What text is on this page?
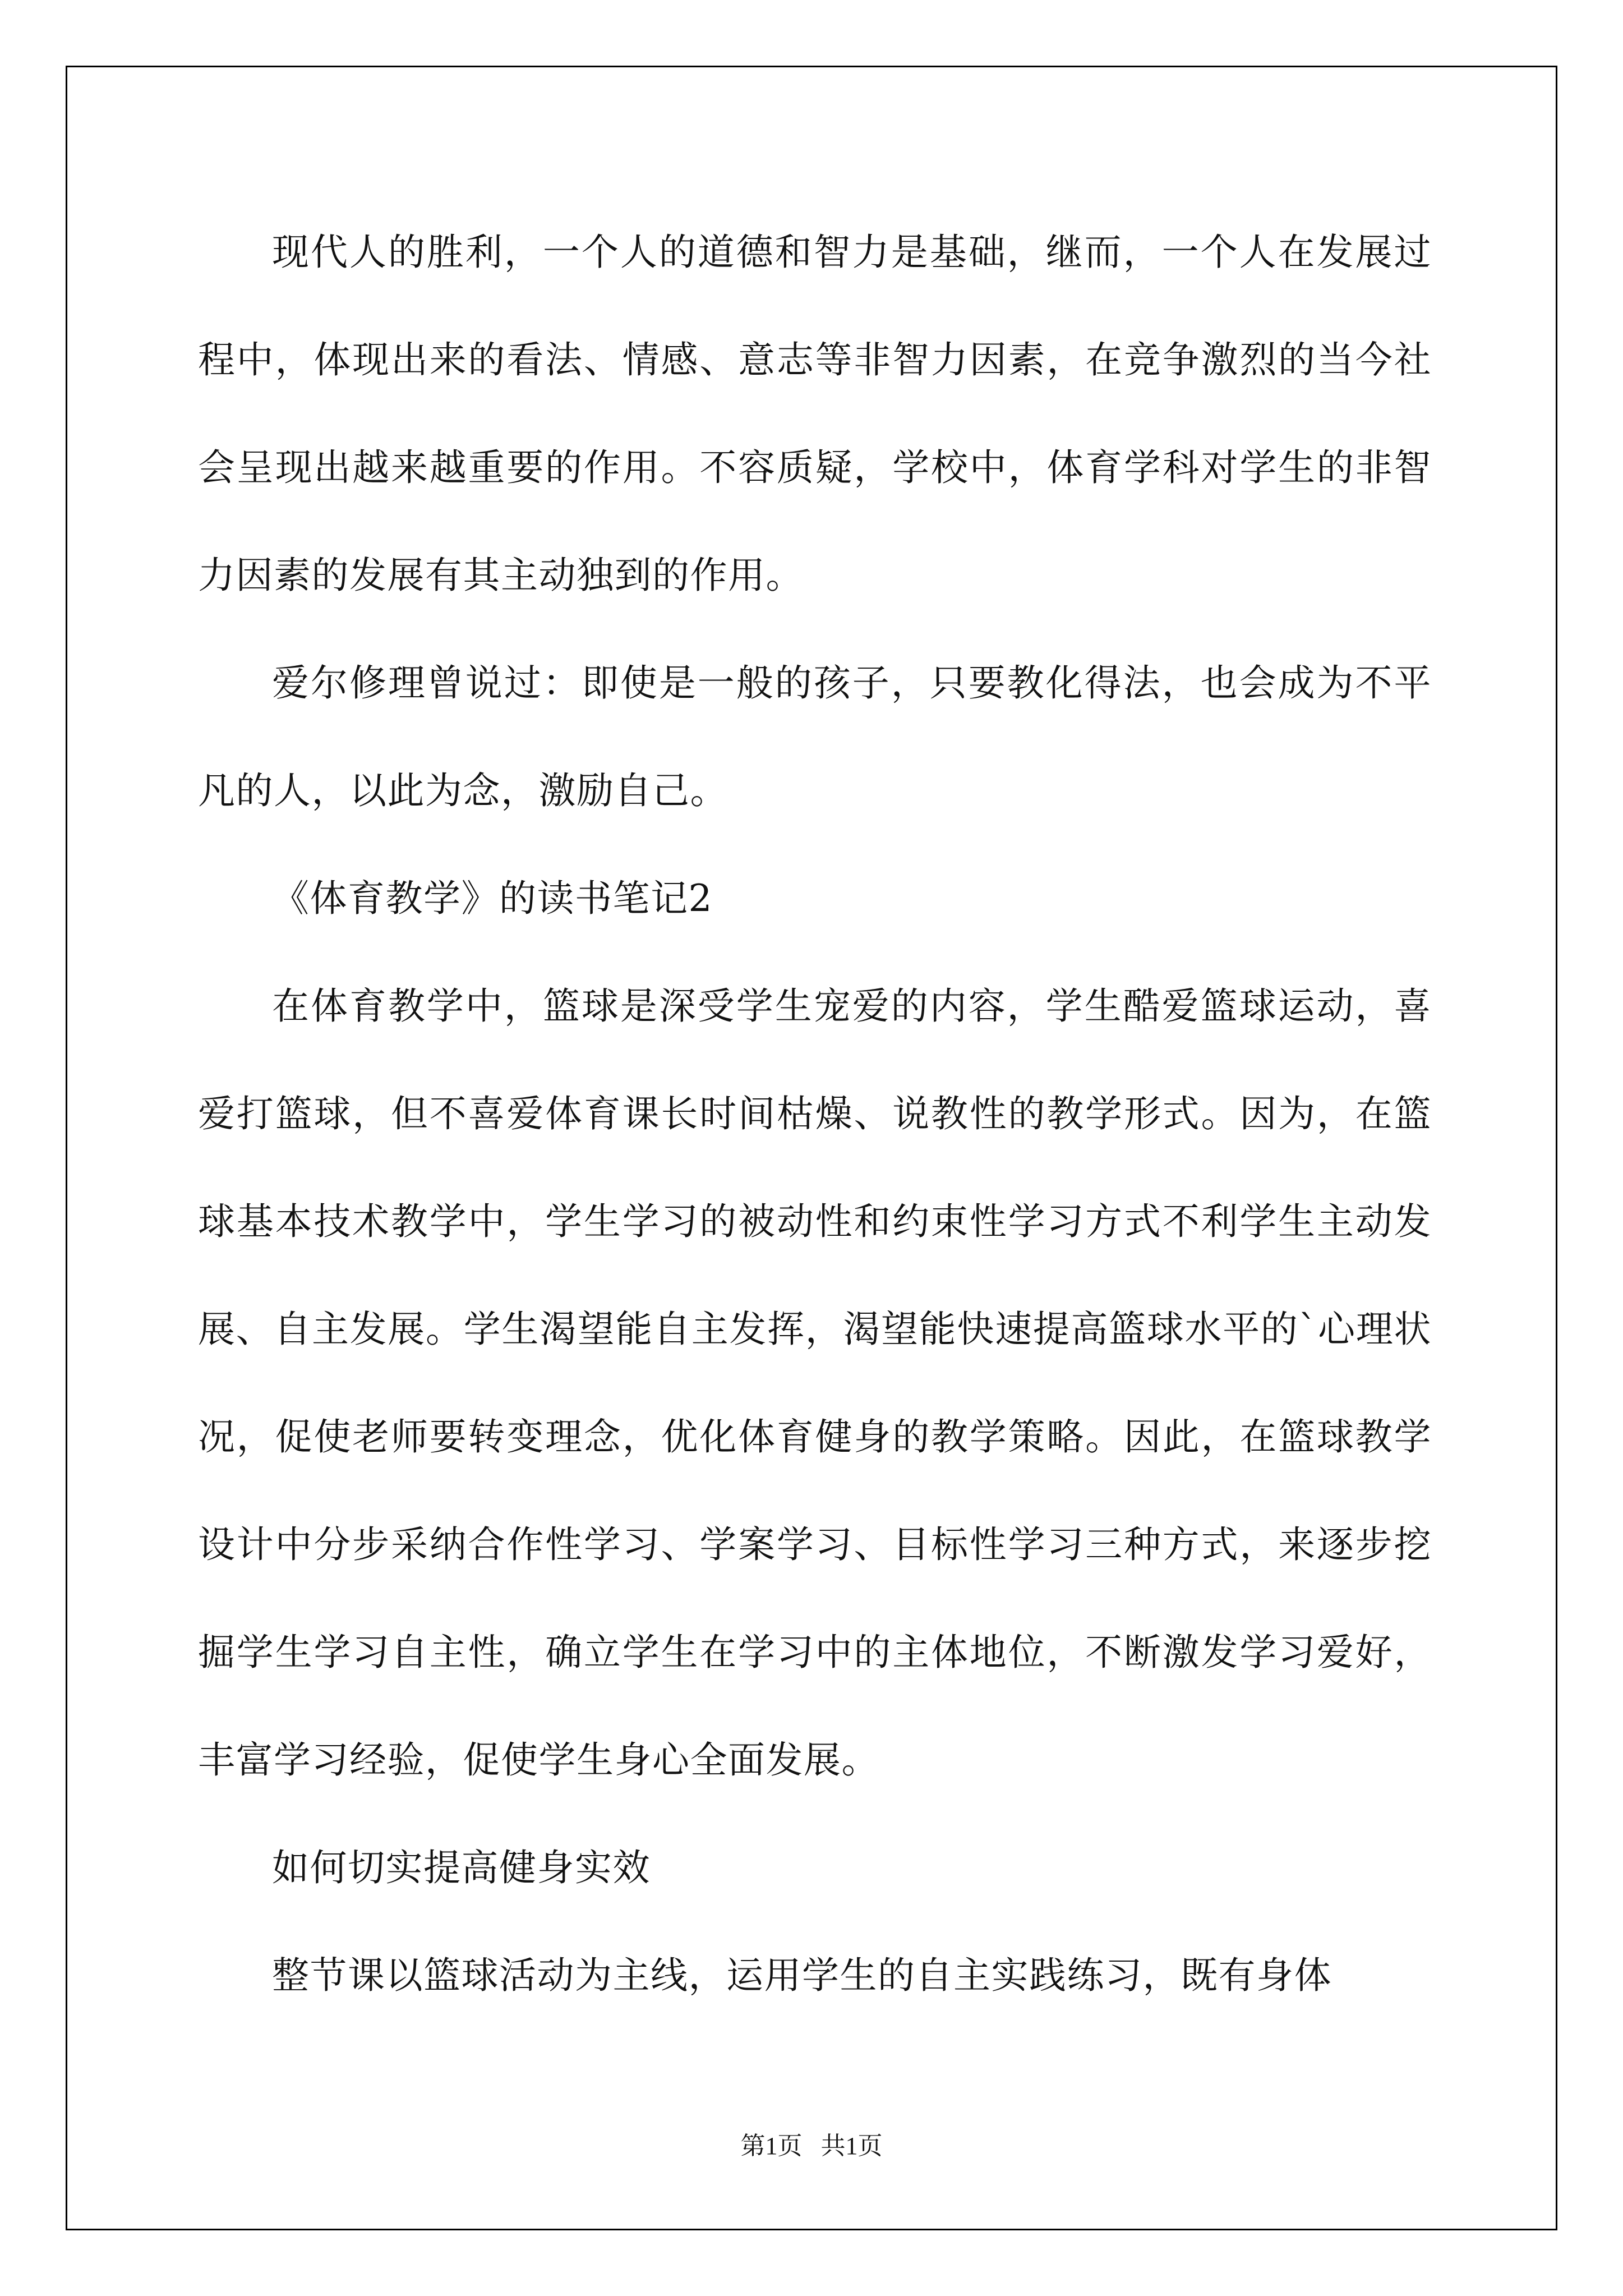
现代人的胜利，一个人的道德和智力是基础，继而，一个人在发展过程中，体现出来的看法、情感、意志等非智力因素，在竞争激烈的当今社会呈现出越来越重要的作用。不容质疑，学校中，体育学科对学生的非智力因素的发展有其主动独到的作用。

爱尔修理曾说过：即使是一般的孩子，只要教化得法，也会成为不平凡的人，以此为念，激励自己。

《体育教学》的读书笔记2

在体育教学中，篮球是深受学生宠爱的内容，学生酷爱篮球运动，喜爱打篮球，但不喜爱体育课长时间枯燥、说教性的教学形式。因为，在篮球基本技术教学中，学生学习的被动性和约束性学习方式不利学生主动发展、自主发展。学生渴望能自主发挥，渴望能快速提高篮球水平的`心理状况，促使老师要转变理念，优化体育健身的教学策略。因此，在篮球教学设计中分步采纳合作性学习、学案学习、目标性学习三种方式，来逐步挖掘学生学习自主性，确立学生在学习中的主体地位，不断激发学习爱好，丰富学习经验，促使学生身心全面发展。

如何切实提高健身实效

整节课以篮球活动为主线，运用学生的自主实践练习，既有身体

第1页   共1页
